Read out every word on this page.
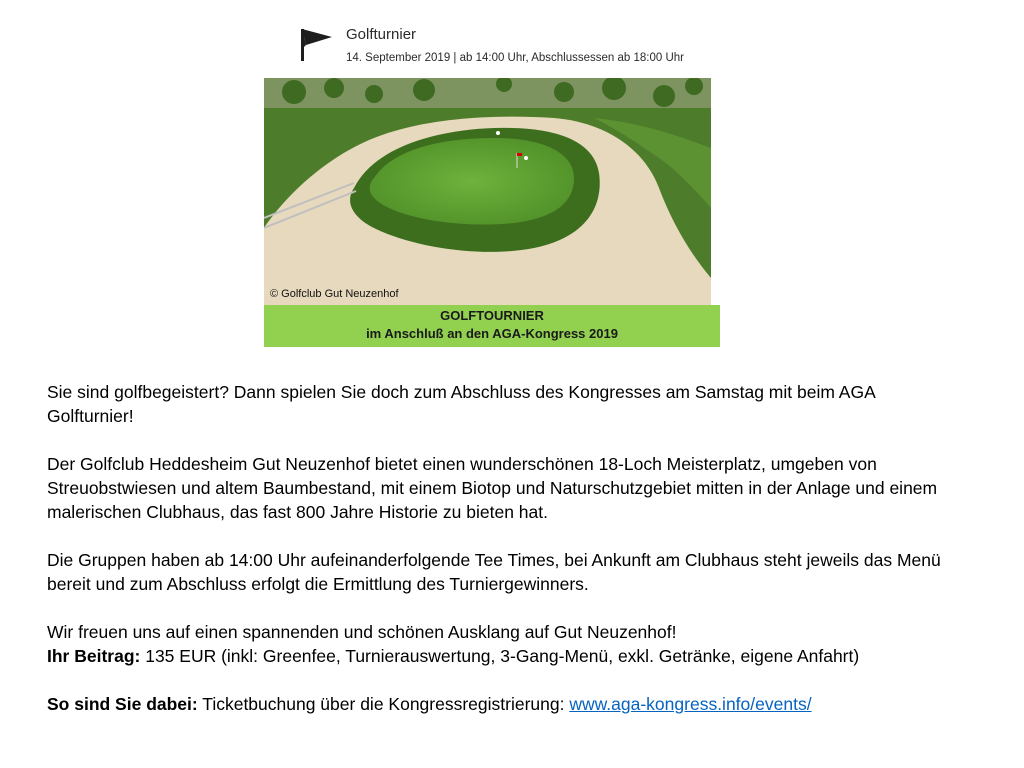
Golfturnier
14. September 2019 | ab 14:00 Uhr, Abschlussessen ab 18:00 Uhr
© Golfclub Gut Neuzenhof
GOLFTOURNIER
im Anschluß an den AGA-Kongress 2019

Sie sind golfbegeistert? Dann spielen Sie doch zum Abschluss des Kongresses am Samstag mit beim AGA Golfturnier!

Der Golfclub Heddesheim Gut Neuzenhof bietet einen wunderschönen 18-Loch Meisterplatz, umgeben von Streuobstwiesen und altem Baumbestand, mit einem Biotop und Naturschutzgebiet mitten in der Anlage und einem malerischen Clubhaus, das fast 800 Jahre Historie zu bieten hat.

Die Gruppen haben ab 14:00 Uhr aufeinanderfolgende Tee Times, bei Ankunft am Clubhaus steht jeweils das Menü bereit und zum Abschluss erfolgt die Ermittlung des Turniergewinners.

Wir freuen uns auf einen spannenden und schönen Ausklang auf Gut Neuzenhof!

Ihr Beitrag: 135 EUR (inkl: Greenfee, Turnierauswertung, 3-Gang-Menü, exkl. Getränke, eigene Anfahrt)

So sind Sie dabei: Ticketbuchung über die Kongressregistrierung: www.aga-kongress.info/events/
